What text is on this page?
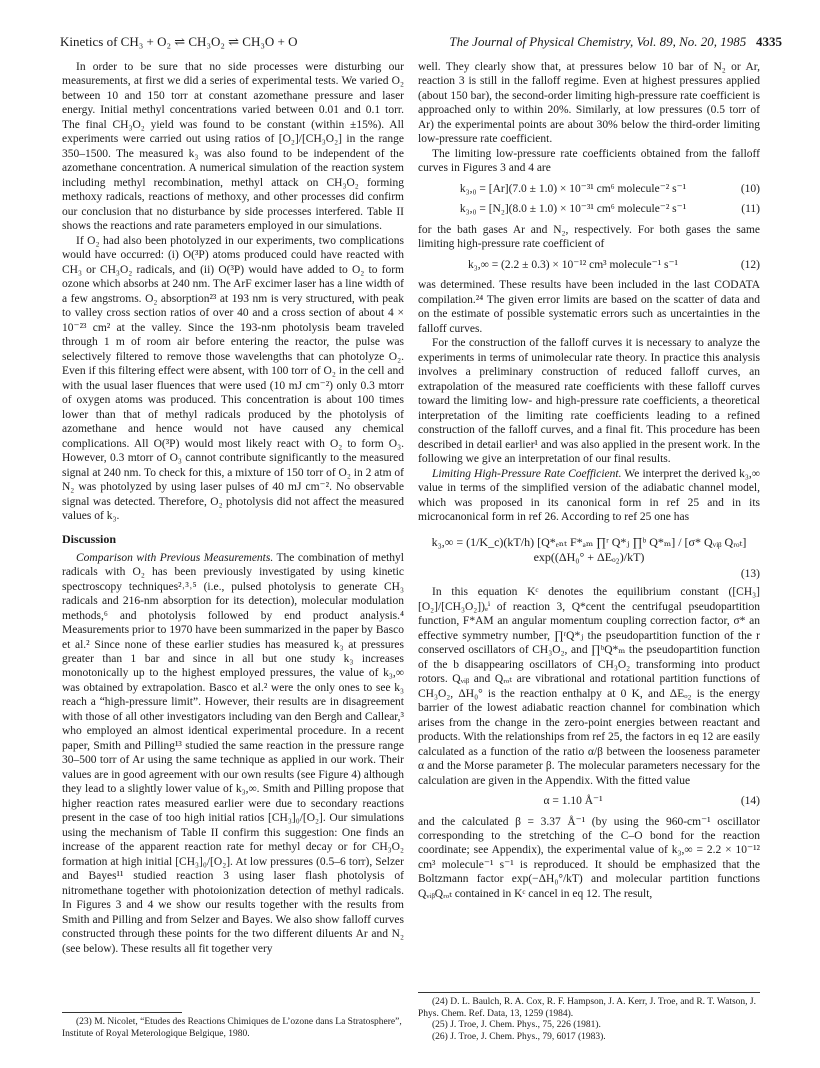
Kinetics of CH₃ + O₂ ⇌ CH₃O₂ ⇌ CH₃O + O	The Journal of Physical Chemistry, Vol. 89, No. 20, 1985 4335

In order to be sure that no side processes were disturbing our measurements, at first we did a series of experimental tests. We varied O₂ between 10 and 150 torr at constant azomethane pressure and laser energy. Initial methyl concentrations varied between 0.01 and 0.1 torr. The final CH₃O₂ yield was found to be constant (within ±15%). All experiments were carried out using ratios of [O₂]/[CH₃O₂] in the range 350–1500. The measured k₃ was also found to be independent of the azomethane concentration. A numerical simulation of the reaction system including methyl recombination, methyl attack on CH₃O₂ forming methoxy radicals, reactions of methoxy, and other processes did confirm our conclusion that no disturbance by side processes interfered. Table II shows the reactions and rate parameters employed in our simulations.

If O₂ had also been photolyzed in our experiments, two complications would have occurred: (i) O(³P) atoms produced could have reacted with CH₃ or CH₃O₂ radicals, and (ii) O(³P) would have added to O₂ to form ozone which absorbs at 240 nm. The ArF excimer laser has a line width of a few angstroms. O₂ absorption²³ at 193 nm is very structured, with peak to valley cross section ratios of over 40 and a cross section of about 4 × 10⁻²³ cm² at the valley. Since the 193-nm photolysis beam traveled through 1 m of room air before entering the reactor, the pulse was selectively filtered to remove those wavelengths that can photolyze O₂. Even if this filtering effect were absent, with 100 torr of O₂ in the cell and with the usual laser fluences that were used (10 mJ cm⁻²) only 0.3 mtorr of oxygen atoms was produced. This concentration is about 100 times lower than that of methyl radicals produced by the photolysis of azomethane and hence would not have caused any chemical complications. All O(³P) would most likely react with O₂ to form O₃. However, 0.3 mtorr of O₃ cannot contribute significantly to the measured signal at 240 nm. To check for this, a mixture of 150 torr of O₂ in 2 atm of N₂ was photolyzed by using laser pulses of 40 mJ cm⁻². No observable signal was detected. Therefore, O₂ photolysis did not affect the measured values of k₃.

Discussion

Comparison with Previous Measurements. The combination of methyl radicals with O₂ has been previously investigated by using kinetic spectroscopy techniques²˒³˒⁵ (i.e., pulsed photolysis to generate CH₃ radicals and 216-nm absorption for its detection), molecular modulation methods,⁶ and photolysis followed by end product analysis.⁴ Measurements prior to 1970 have been summarized in the paper by Basco et al.² Since none of these earlier studies has measured k₃ at pressures greater than 1 bar and since in all but one study k₃ increases monotonically up to the highest employed pressures, the value of k₃,∞ was obtained by extrapolation. Basco et al.² were the only ones to see k₃ reach a “high-pressure limit”. However, their results are in disagreement with those of all other investigators including van den Bergh and Callear,³ who employed an almost identical experimental procedure. In a recent paper, Smith and Pilling¹³ studied the same reaction in the pressure range 30–500 torr of Ar using the same technique as applied in our work. Their values are in good agreement with our own results (see Figure 4) although they lead to a slightly lower value of k₃,∞. Smith and Pilling propose that higher reaction rates measured earlier were due to secondary reactions present in the case of too high initial ratios [CH₃]₀/[O₂]. Our simulations using the mechanism of Table II confirm this suggestion: One finds an increase of the apparent reaction rate for methyl decay or for CH₃O₂ formation at high initial [CH₃]₀/[O₂]. At low pressures (0.5–6 torr), Selzer and Bayes¹¹ studied reaction 3 using laser flash photolysis of nitromethane together with photoionization detection of methyl radicals. In Figures 3 and 4 we show our results together with the results from Smith and Pilling and from Selzer and Bayes. We also show falloff curves constructed through these points for the two different diluents Ar and N₂ (see below). These results all fit together very

well. They clearly show that, at pressures below 10 bar of N₂ or Ar, reaction 3 is still in the falloff regime. Even at highest pressures applied (about 150 bar), the second-order limiting high-pressure rate coefficient is approached only to within 20%. Similarly, at low pressures (0.5 torr of Ar) the experimental points are about 30% below the third-order limiting low-pressure rate coefficient.

The limiting low-pressure rate coefficients obtained from the falloff curves in Figures 3 and 4 are

k₃,₀ = [Ar](7.0 ± 1.0) × 10⁻³¹ cm⁶ molecule⁻² s⁻¹	(10)
k₃,₀ = [N₂](8.0 ± 1.0) × 10⁻³¹ cm⁶ molecule⁻² s⁻¹	(11)

for the bath gases Ar and N₂, respectively. For both gases the same limiting high-pressure rate coefficient of

k₃,∞ = (2.2 ± 0.3) × 10⁻¹² cm³ molecule⁻¹ s⁻¹	(12)

was determined. These results have been included in the last CODATA compilation.²⁴ The given error limits are based on the scatter of data and on the estimate of possible systematic errors such as uncertainties in the falloff curves.

For the construction of the falloff curves it is necessary to analyze the experiments in terms of unimolecular rate theory. In practice this analysis involves a preliminary construction of reduced falloff curves, an extrapolation of the measured rate coefficients with these falloff curves toward the limiting low- and high-pressure rate coefficients, a theoretical interpretation of the limiting rate coefficients leading to a refined construction of the falloff curves, and a final fit. This procedure has been described in detail earlier¹ and was also applied in the present work. In the following we give an interpretation of our final results.

Limiting High-Pressure Rate Coefficient. We interpret the derived k₃,∞ value in terms of the simplified version of the adiabatic channel model, which was proposed in its canonical form in ref 25 and in its microcanonical form in ref 26. According to ref 25 one has

k₃,∞ = (1/K_c)(kT/h) [Q*ₑₙₜ F*ₐₘ ∏ʳ Q*ⱼ ∏ᵇ Q*ₘ] / [σ* Qᵥᵢᵦ Qᵣₒₜ] exp((ΔH₀° + ΔEₒ₂)/kT)
(13)

In this equation Kᶜ denotes the equilibrium constant ([CH₃][O₂]/[CH₃O₂])ₑⁱ of reaction 3, Q*cent the centrifugal pseudopartition function, F*AM an angular momentum coupling correction factor, σ* an effective symmetry number, ∏ʳQ*ⱼ the pseudopartition function of the r conserved oscillators of CH₃O₂, and ∏ᵇQ*ₘ the pseudopartition function of the b disappearing oscillators of CH₃O₂ transforming into product rotors. Qᵥᵢᵦ and Qᵣₒₜ are vibrational and rotational partition functions of CH₃O₂, ΔH₀° is the reaction enthalpy at 0 K, and ΔEₒ₂ is the energy barrier of the lowest adiabatic reaction channel for combination which arises from the change in the zero-point energies between reactant and products. With the relationships from ref 25, the factors in eq 12 are easily calculated as a function of the ratio α/β between the looseness parameter α and the Morse parameter β. The molecular parameters necessary for the calculation are given in the Appendix. With the fitted value

α = 1.10 Å⁻¹	(14)

and the calculated β = 3.37 Å⁻¹ (by using the 960-cm⁻¹ oscillator corresponding to the stretching of the C–O bond for the reaction coordinate; see Appendix), the experimental value of k₃,∞ = 2.2 × 10⁻¹² cm³ molecule⁻¹ s⁻¹ is reproduced. It should be emphasized that the Boltzmann factor exp(−ΔH₀°/kT) and molecular partition functions QᵥᵢᵦQᵣₒₜ contained in Kᶜ cancel in eq 12. The result,

(23) M. Nicolet, “Etudes des Reactions Chimiques de L’ozone dans La Stratosphere”, Institute of Royal Meterologique Belgique, 1980.

(24) D. L. Baulch, R. A. Cox, R. F. Hampson, J. A. Kerr, J. Troe, and R. T. Watson, J. Phys. Chem. Ref. Data, 13, 1259 (1984).

(25) J. Troe, J. Chem. Phys., 75, 226 (1981).

(26) J. Troe, J. Chem. Phys., 79, 6017 (1983).
